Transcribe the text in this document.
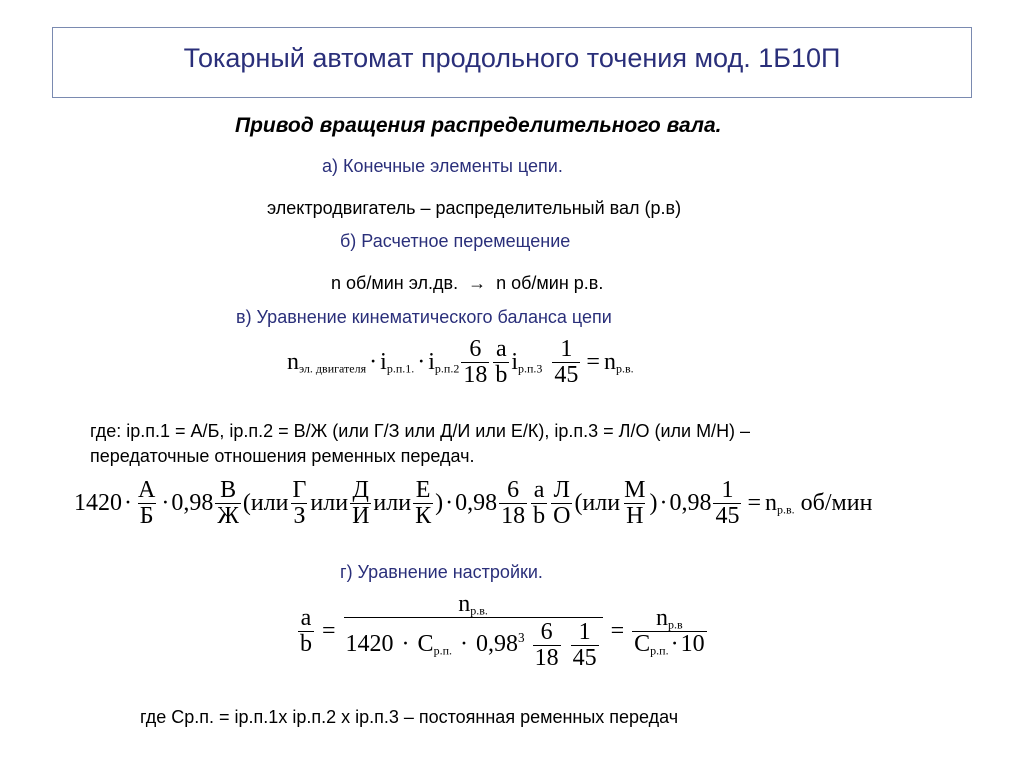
Токарный автомат продольного точения мод. 1Б10П
Привод вращения распределительного вала.
а) Конечные элементы цепи.
электродвигатель – распределительный вал (р.в)
б) Расчетное перемещение
n об/мин эл.дв.  →  n об/мин р.в.
в) Уравнение кинематического баланса цепи
$n_{эл. двигателя} \cdot i_{р.п.1.} \cdot i_{р.п.2} \frac{6}{18} \frac{a}{b} i_{р.п.3} \frac{1}{45} = n_{р.в.}$
где: iр.п.1 = А/Б, iр.п.2 = В/Ж (или Г/З или Д/И или Е/К), iр.п.3 = Л/О (или М/Н) –
передаточные отношения ременных передач.
$1420 \cdot \frac{А}{Б} \cdot 0,98 \frac{В}{Ж} (или \frac{Г}{З}$ или $\frac{Д}{И}$ или $\frac{Е}{К}$ ) · $0,98 \frac{6}{18} \frac{a}{b} \frac{Л}{О} (или \frac{М}{Н}$ ) · $0,98 \frac{1}{45} = n_{р.в.}$ об/мин
г) Уравнение настройки.
$\frac{a}{b}$ =
$n_{р.в.}$
$1420 \cdot C_{р.п.} \cdot 0,98^3 \frac{6}{18}$
$\frac{1}{45} = \frac{n_{р.в}}{C_{р.п.}\cdot 10}$
где Ср.п. = iр.п.1х iр.п.2 х iр.п.3 – постоянная ременных передач
